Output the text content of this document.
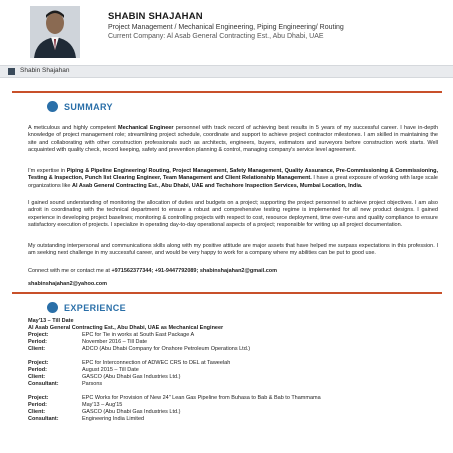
SHABIN SHAJAHAN
Project Management / Mechanical Engineering, Piping Engineering/ Routing
Current Company: Al Asab General Contracting Est., Abu Dhabi, UAE
Shabin Shajahan
SUMMARY
A meticulous and highly competent Mechanical Engineer personnel with track record of achieving best results in 5 years of my successful career. I have in-depth knowledge of project management role; streamlining project schedule, coordinate and support to achieve project contractor milestones. I am skilled in maintaining the site and collaborating with other construction professionals such as architects, engineers, buyers, estimators and surveyors before construction work starts. Well acquainted with quality check, record keeping, safety and prevention planning & control, managing company's service level agreement.
I'm expertise in Piping & Pipeline Engineering/ Routing, Project Management, Safety Management, Quality Assurance, Pre-Commissioning & Commissioning, Testing & Inspection, Punch list Clearing Engineer, Team Management and Client Relationship Management. I have a great exposure of working with large scale organizations like Al Asab General Contracting Est., Abu Dhabi, UAE and Techshore Inspection Services, Mumbai Location, India.
I gained sound understanding of monitoring the allocation of duties and budgets on a project; supporting the project personnel to achieve project objectives. I am also adroit in coordinating with the technical department to ensure a robust and comprehensive testing regime is implemented for all new product designs. I gained experience in developing project baselines; monitoring & controlling projects with respect to cost, resource deployment, time over-runs and quality compliance to ensure satisfactory execution of projects. I specialize in operating day-to-day operational aspects of a project; responsible for writing up all project documentation.
My outstanding interpersonal and communications skills along with my positive attitude are major assets that have helped me surpass expectations in this profession. I am seeking next challenge in my successful career, and would be very happy to work for a company where my abilities can be put to good use.
Connect with me or contact me at +971562377344; +91-9447792089; shabinshajahan2@gmail.com
shabinshajahan2@yahoo.com
EXPERIENCE
May'13 – Till Date
Al Asab General Contracting Est., Abu Dhabi, UAE as Mechanical Engineer
Project:	EPC for Tie in works at South East Package A
Period:	November 2016 – Till Date
Client:	ADCO (Abu Dhabi Company for Onshore Petroleum Operations Ltd.)
Project:	EPC for Interconnection of ADWEC CRS to DEL at Taweelah
Period:	August 2015 – Till Date
Client:	GASCO (Abu Dhabi Gas Industries Ltd.)
Consultant:	Parsons
Project:	EPC Works for Provision of New 24" Lean Gas Pipeline from Buhasa to Bab & Bab to Thammama
Period:	May'13 – Aug'15
Client:	GASCO (Abu Dhabi Gas Industries Ltd.)
Consultant:	Engineering India Limited
